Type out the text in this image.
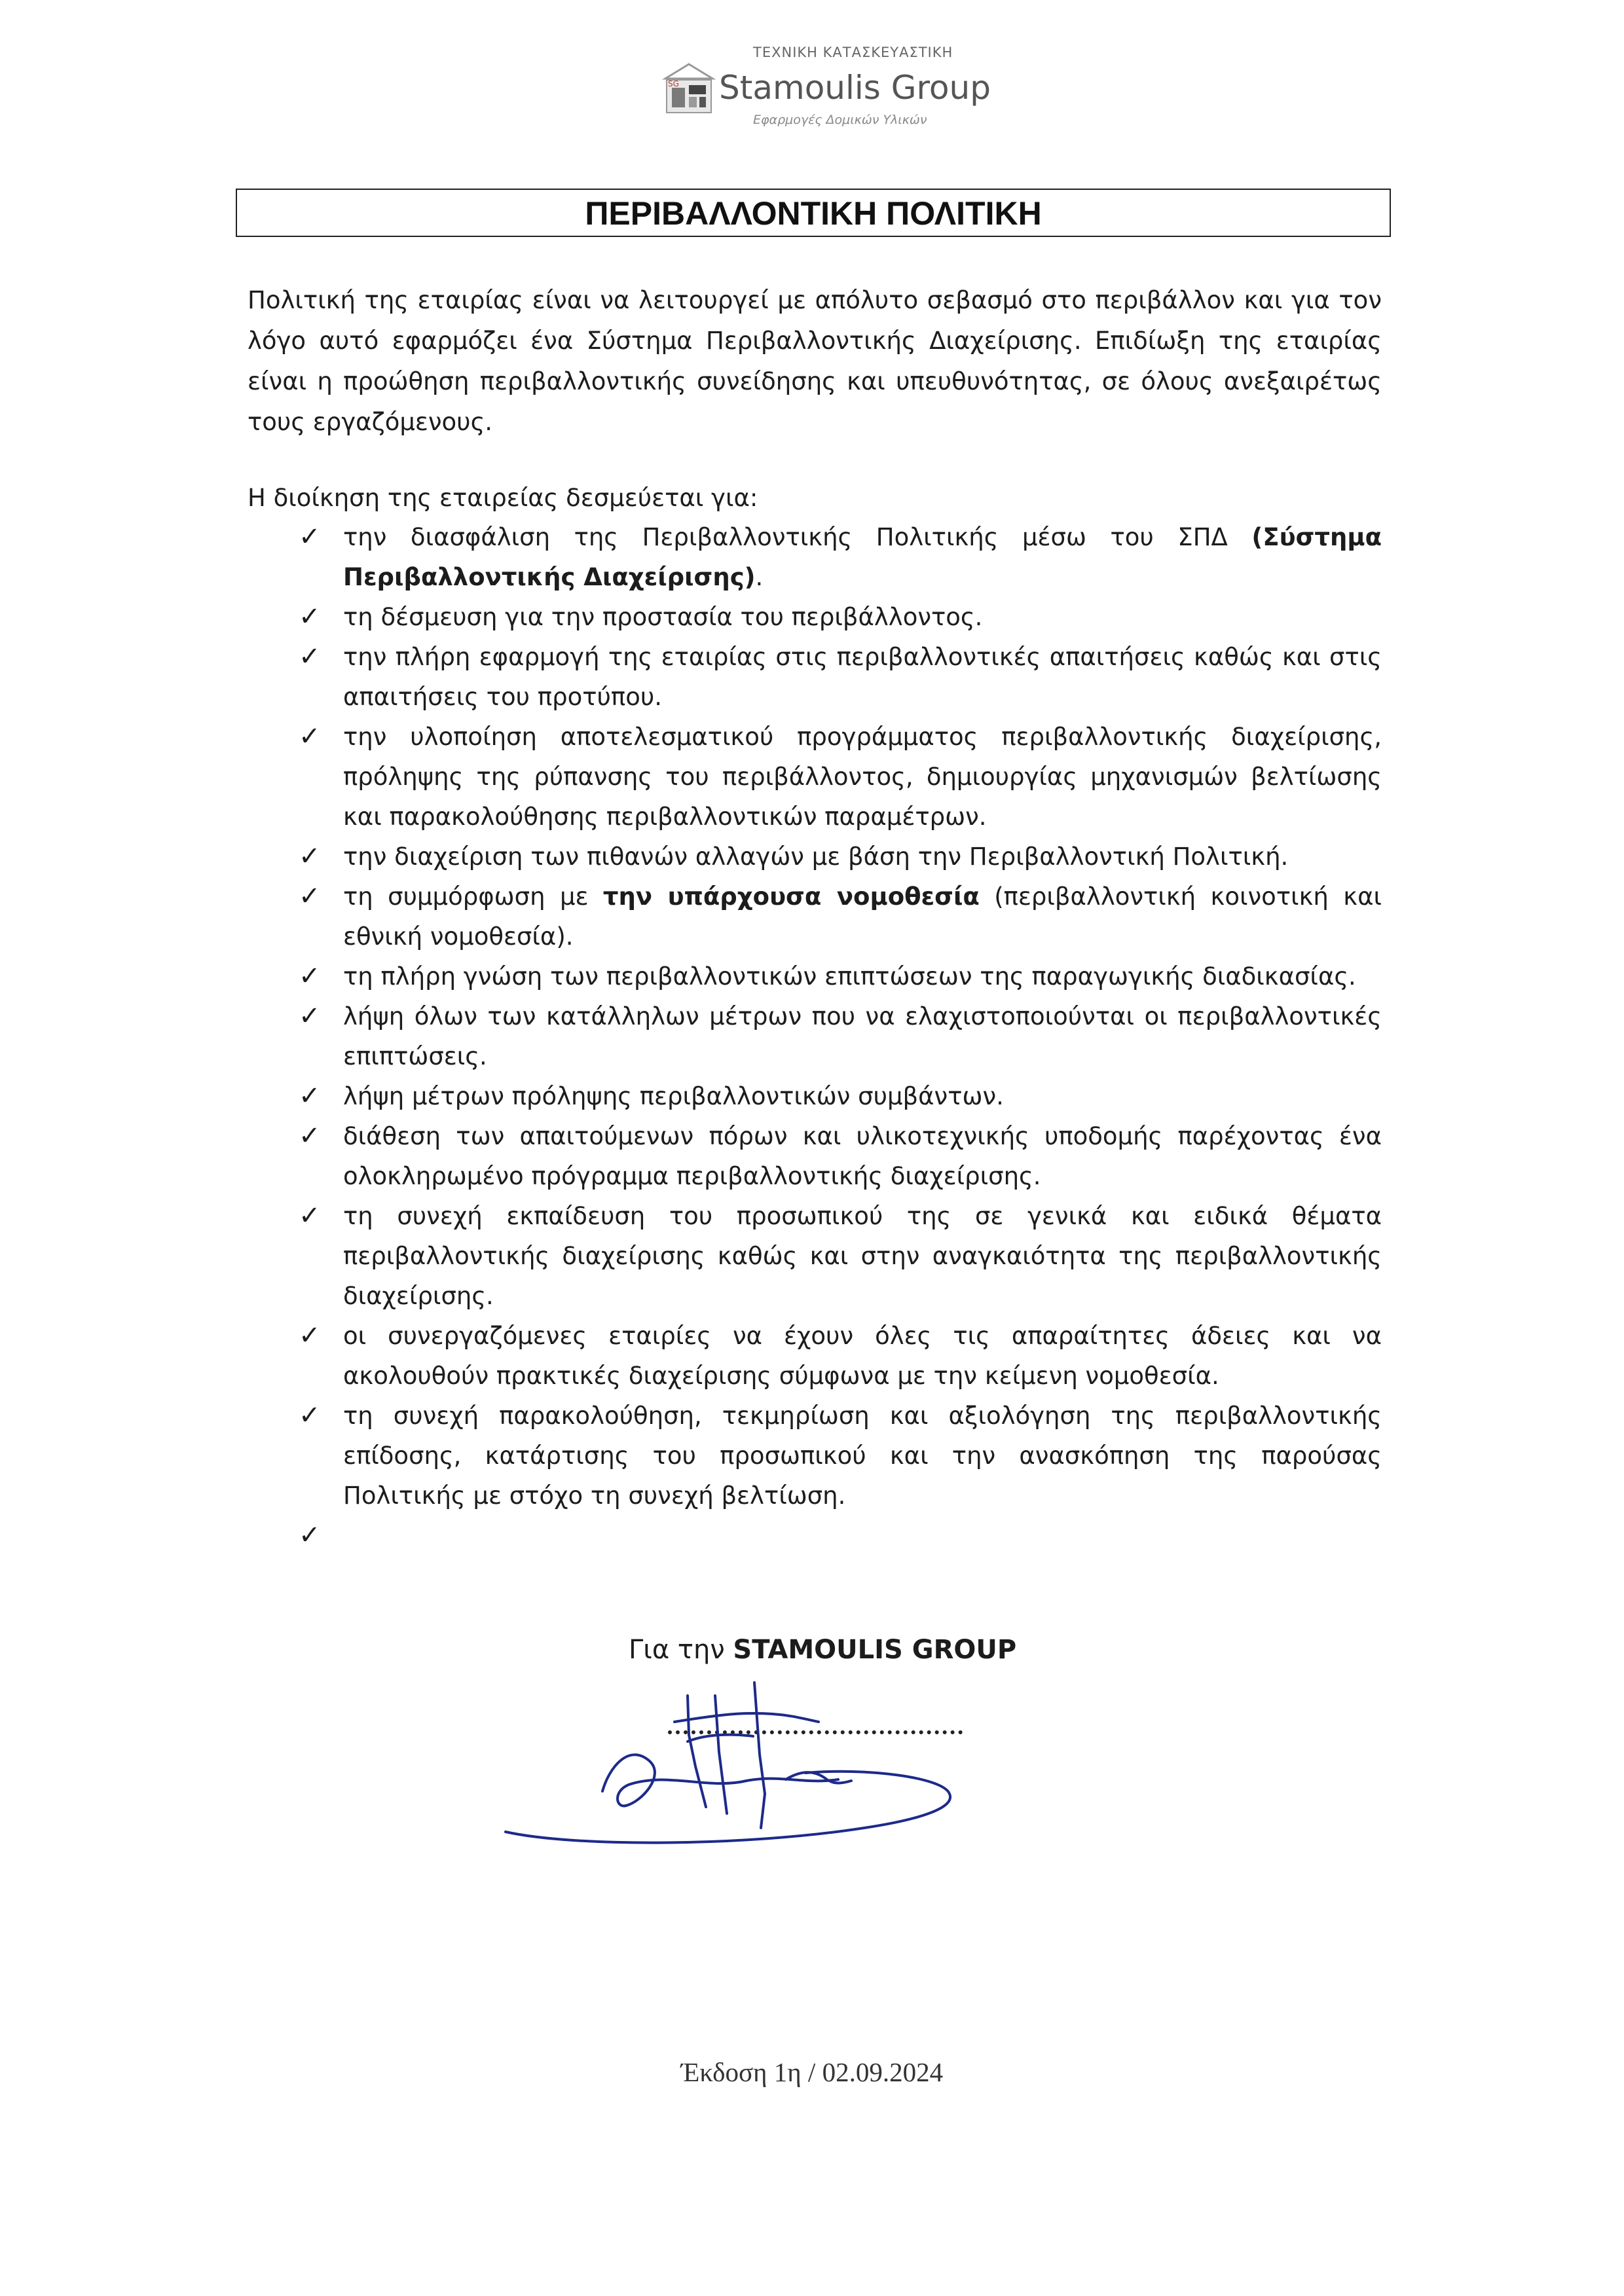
ΤΕΧΝΙΚΗ ΚΑΤΑΣΚΕΥΑΣΤΙΚΗ
SG Stamoulis Group
Εφαρμογές Δομικών Υλικών
ΠΕΡΙΒΑΛΛΟΝΤΙΚΗ ΠΟΛΙΤΙΚΗ

Πολιτική της εταιρίας είναι να λειτουργεί με απόλυτο σεβασμό στο περιβάλλον και για τον λόγο αυτό εφαρμόζει ένα Σύστημα Περιβαλλοντικής Διαχείρισης. Επιδίωξη της εταιρίας είναι η προώθηση περιβαλλοντικής συνείδησης και υπευθυνότητας, σε όλους ανεξαιρέτως τους εργαζόμενους.

Η διοίκηση της εταιρείας δεσμεύεται για:

✓ την διασφάλιση της Περιβαλλοντικής Πολιτικής μέσω του ΣΠΔ (Σύστημα Περιβαλλοντικής Διαχείρισης).
✓ τη δέσμευση για την προστασία του περιβάλλοντος.
✓ την πλήρη εφαρμογή της εταιρίας στις περιβαλλοντικές απαιτήσεις καθώς και στις απαιτήσεις του προτύπου.
✓ την υλοποίηση αποτελεσματικού προγράμματος περιβαλλοντικής διαχείρισης, πρόληψης της ρύπανσης του περιβάλλοντος, δημιουργίας μηχανισμών βελτίωσης και παρακολούθησης περιβαλλοντικών παραμέτρων.
✓ την διαχείριση των πιθανών αλλαγών με βάση την Περιβαλλοντική Πολιτική.
✓ τη συμμόρφωση με την υπάρχουσα νομοθεσία (περιβαλλοντική κοινοτική και εθνική νομοθεσία).
✓ τη πλήρη γνώση των περιβαλλοντικών επιπτώσεων της παραγωγικής διαδικασίας.
✓ λήψη όλων των κατάλληλων μέτρων που να ελαχιστοποιούνται οι περιβαλλοντικές επιπτώσεις.
✓ λήψη μέτρων πρόληψης περιβαλλοντικών συμβάντων.
✓ διάθεση των απαιτούμενων πόρων και υλικοτεχνικής υποδομής παρέχοντας ένα ολοκληρωμένο πρόγραμμα περιβαλλοντικής διαχείρισης.
✓ τη συνεχή εκπαίδευση του προσωπικού της σε γενικά και ειδικά θέματα περιβαλλοντικής διαχείρισης καθώς και στην αναγκαιότητα της περιβαλλοντικής διαχείρισης.
✓ οι συνεργαζόμενες εταιρίες να έχουν όλες τις απαραίτητες άδειες και να ακολουθούν πρακτικές διαχείρισης σύμφωνα με την κείμενη νομοθεσία.
✓ τη συνεχή παρακολούθηση, τεκμηρίωση και αξιολόγηση της περιβαλλοντικής επίδοσης, κατάρτισης του προσωπικού και την ανασκόπηση της παρούσας Πολιτικής με στόχο τη συνεχή βελτίωση.
✓

Για την STAMOULIS GROUP

Έκδοση 1η / 02.09.2024
